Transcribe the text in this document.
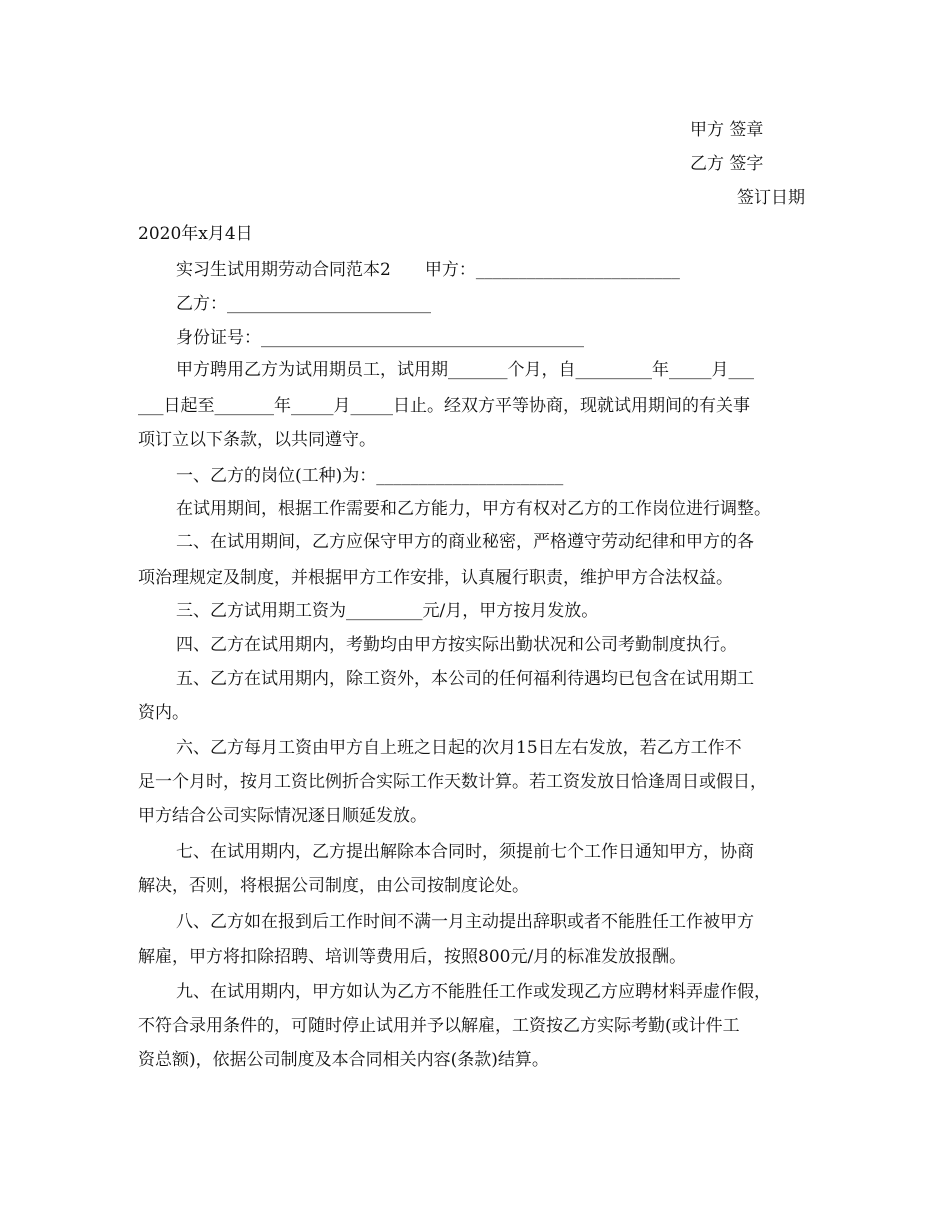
甲方 签章
乙方 签字
签订日期
2020年x月4日
实习生试用期劳动合同范本2　　甲方：________________________
乙方：________________________
身份证号：______________________________________
甲方聘用乙方为试用期员工，试用期_______个月，自_________年_____月___
___日起至_______年_____月_____日止。经双方平等协商，现就试用期间的有关事
项订立以下条款，以共同遵守。
一、乙方的岗位(工种)为：______________________
在试用期间，根据工作需要和乙方能力，甲方有权对乙方的工作岗位进行调整。
二、在试用期间，乙方应保守甲方的商业秘密，严格遵守劳动纪律和甲方的各
项治理规定及制度，并根据甲方工作安排，认真履行职责，维护甲方合法权益。
三、乙方试用期工资为_________元/月，甲方按月发放。
四、乙方在试用期内，考勤均由甲方按实际出勤状况和公司考勤制度执行。
五、乙方在试用期内，除工资外，本公司的任何福利待遇均已包含在试用期工
资内。
六、乙方每月工资由甲方自上班之日起的次月15日左右发放，若乙方工作不
足一个月时，按月工资比例折合实际工作天数计算。若工资发放日恰逢周日或假日，
甲方结合公司实际情况逐日顺延发放。
七、在试用期内，乙方提出解除本合同时，须提前七个工作日通知甲方，协商
解决，否则，将根据公司制度，由公司按制度论处。
八、乙方如在报到后工作时间不满一月主动提出辞职或者不能胜任工作被甲方
解雇，甲方将扣除招聘、培训等费用后，按照800元/月的标准发放报酬。
九、在试用期内，甲方如认为乙方不能胜任工作或发现乙方应聘材料弄虚作假，
不符合录用条件的，可随时停止试用并予以解雇，工资按乙方实际考勤(或计件工
资总额)，依据公司制度及本合同相关内容(条款)结算。
